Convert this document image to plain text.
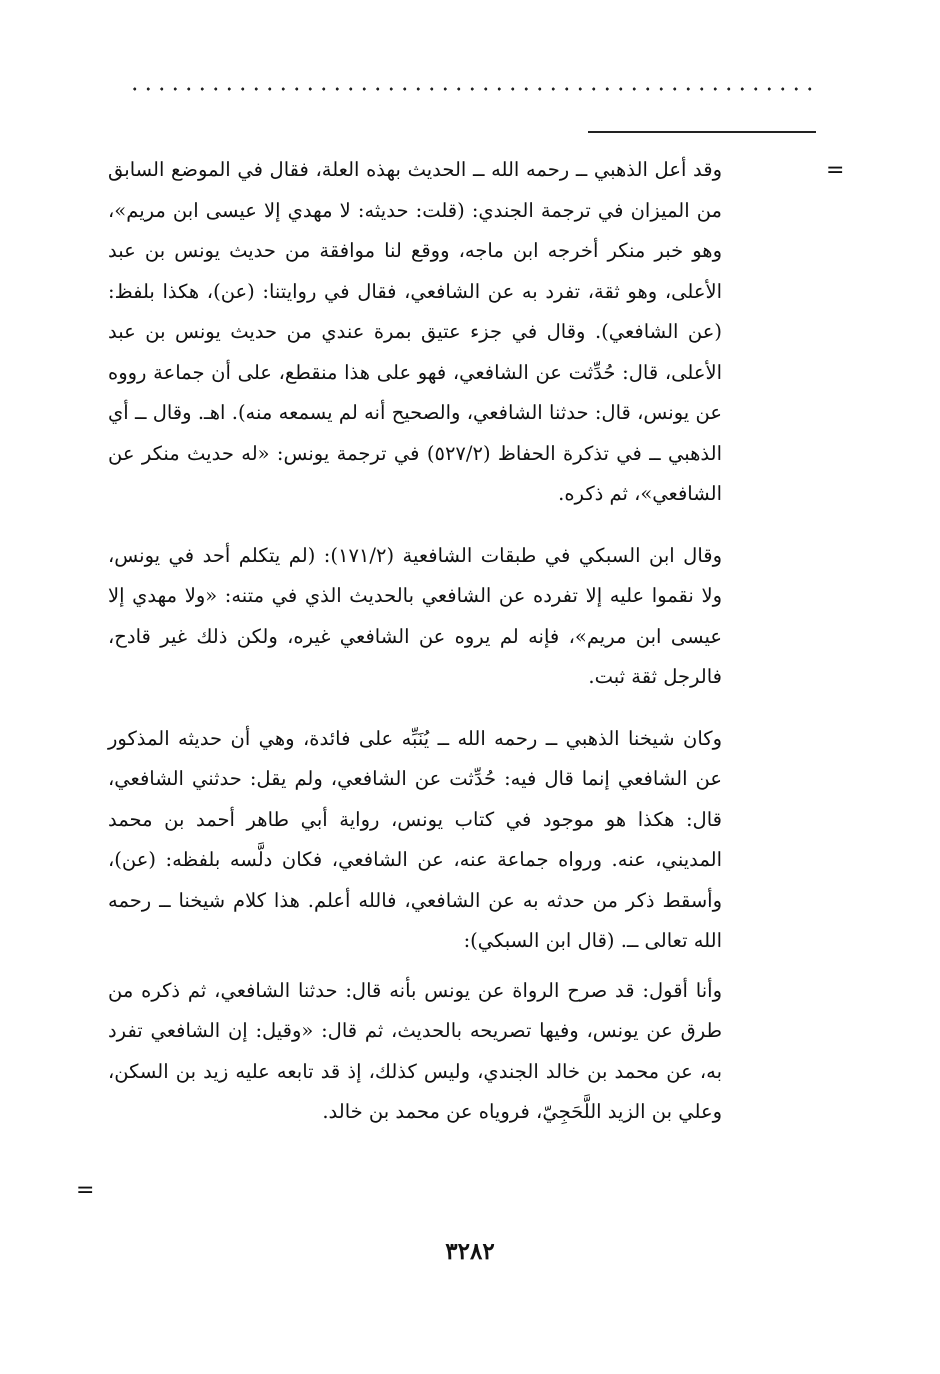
=

وقد أعل الذهبي ــ رحمه الله ــ الحديث بهذه العلة، فقال في الموضع السابق من الميزان في ترجمة الجندي: (قلت: حديثه: لا مهدي إلا عيسى ابن مريم»، وهو خبر منكر أخرجه ابن ماجه، ووقع لنا موافقة من حديث يونس بن عبد الأعلى، وهو ثقة، تفرد به عن الشافعي، فقال في روايتنا: (عن)، هكذا بلفظ: (عن الشافعي). وقال في جزء عتيق بمرة عندي من حديث يونس بن عبد الأعلى، قال: حُدِّثت عن الشافعي، فهو على هذا منقطع، على أن جماعة رووه عن يونس، قال: حدثنا الشافعي، والصحيح أنه لم يسمعه منه). اهـ. وقال ــ أي الذهبي ــ في تذكرة الحفاظ (٥٢٧/٢) في ترجمة يونس: «له حديث منكر عن الشافعي»، ثم ذكره.

وقال ابن السبكي في طبقات الشافعية (١٧١/٢): (لم يتكلم أحد في يونس، ولا نقموا عليه إلا تفرده عن الشافعي بالحديث الذي في متنه: «ولا مهدي إلا عيسى ابن مريم»، فإنه لم يروه عن الشافعي غيره، ولكن ذلك غير قادح، فالرجل ثقة ثبت.

وكان شيخنا الذهبي ــ رحمه الله ــ يُنَبِّه على فائدة، وهي أن حديثه المذكور عن الشافعي إنما قال فيه: حُدِّثت عن الشافعي، ولم يقل: حدثني الشافعي، قال: هكذا هو موجود في كتاب يونس، رواية أبي طاهر أحمد بن محمد المديني، عنه. ورواه جماعة عنه، عن الشافعي، فكان دلَّسه بلفظه: (عن)، وأسقط ذكر من حدثه به عن الشافعي، فالله أعلم. هذا كلام شيخنا ــ رحمه الله تعالى ــ. (قال ابن السبكي):

وأنا أقول: قد صرح الرواة عن يونس بأنه قال: حدثنا الشافعي، ثم ذكره من طرق عن يونس، وفيها تصريحه بالحديث، ثم قال: «وقيل: إن الشافعي تفرد به، عن محمد بن خالد الجندي، وليس كذلك، إذ قد تابعه عليه زيد بن السكن، وعلي بن الزيد اللَّحَجِيّ، فروياه عن محمد بن خالد.

=
٣٢٨٢
